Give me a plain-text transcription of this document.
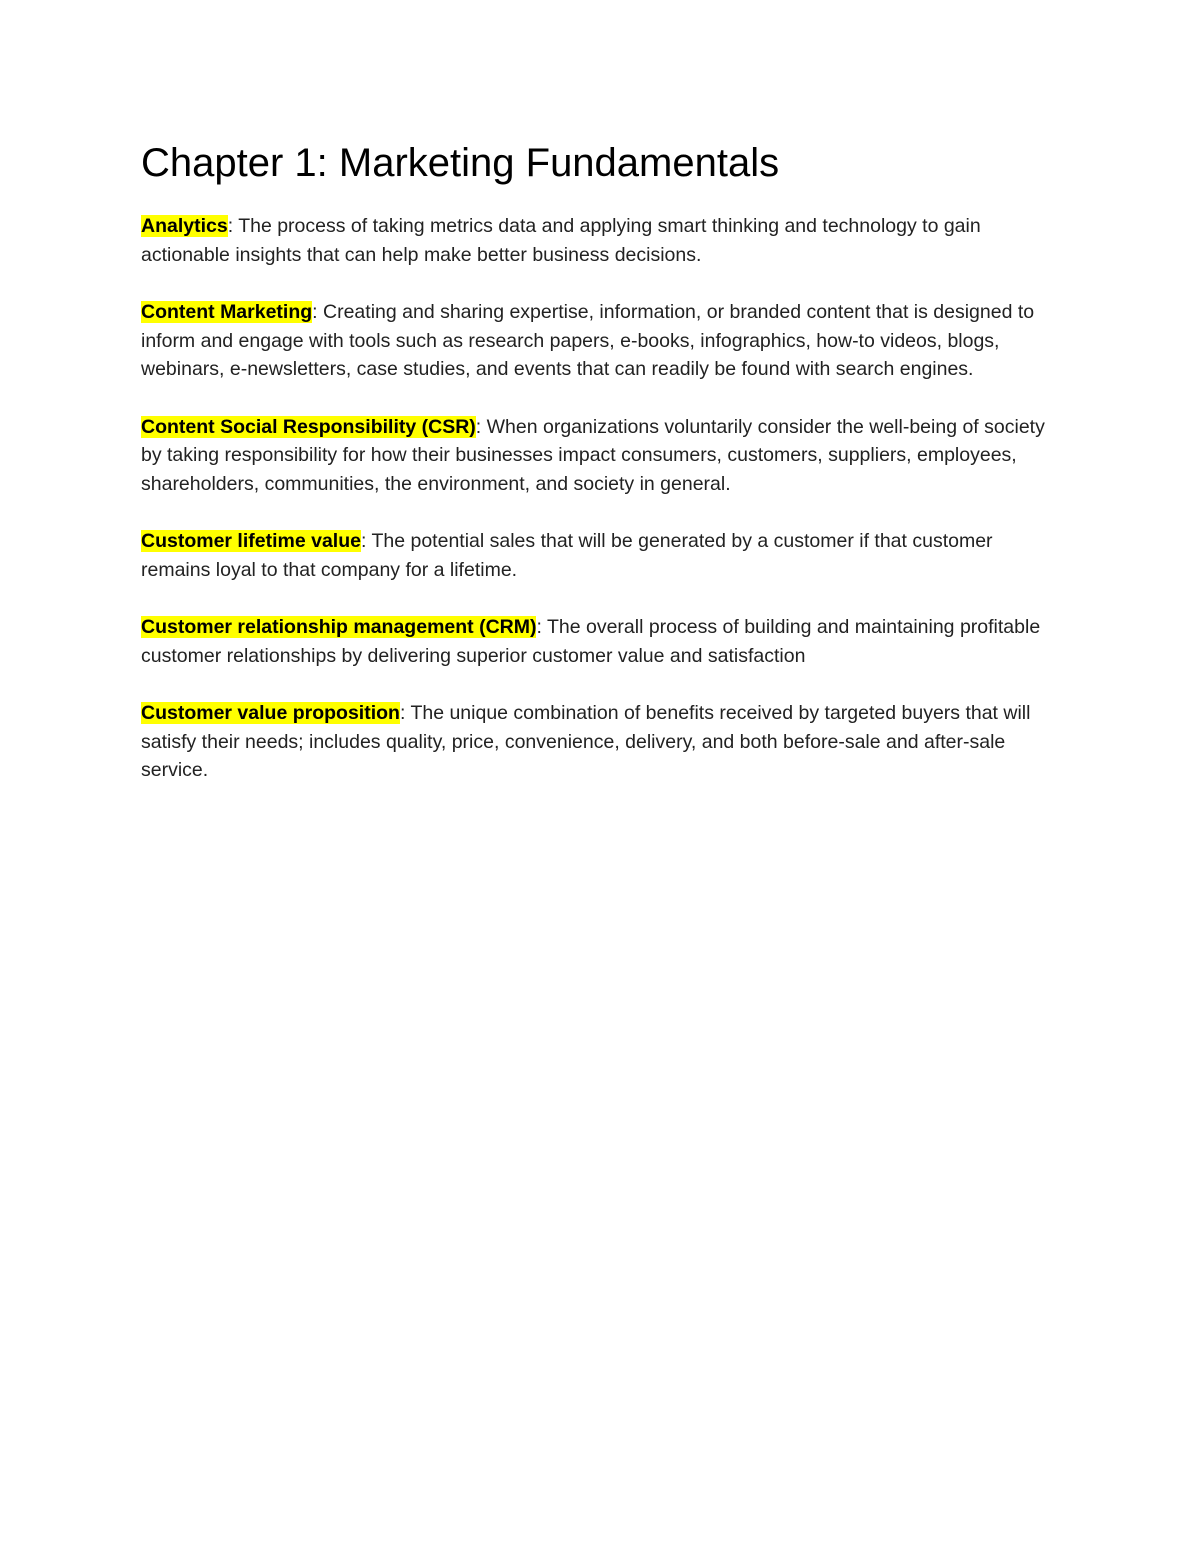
Chapter 1: Marketing Fundamentals

Analytics: The process of taking metrics data and applying smart thinking and technology to gain actionable insights that can help make better business decisions.

Content Marketing: Creating and sharing expertise, information, or branded content that is designed to inform and engage with tools such as research papers, e-books, infographics, how-to videos, blogs, webinars, e-newsletters, case studies, and events that can readily be found with search engines.

Content Social Responsibility (CSR): When organizations voluntarily consider the well-being of society by taking responsibility for how their businesses impact consumers, customers, suppliers, employees, shareholders, communities, the environment, and society in general.

Customer lifetime value: The potential sales that will be generated by a customer if that customer remains loyal to that company for a lifetime.

Customer relationship management (CRM): The overall process of building and maintaining profitable customer relationships by delivering superior customer value and satisfaction

Customer value proposition: The unique combination of benefits received by targeted buyers that will satisfy their needs; includes quality, price, convenience, delivery, and both before-sale and after-sale service.
